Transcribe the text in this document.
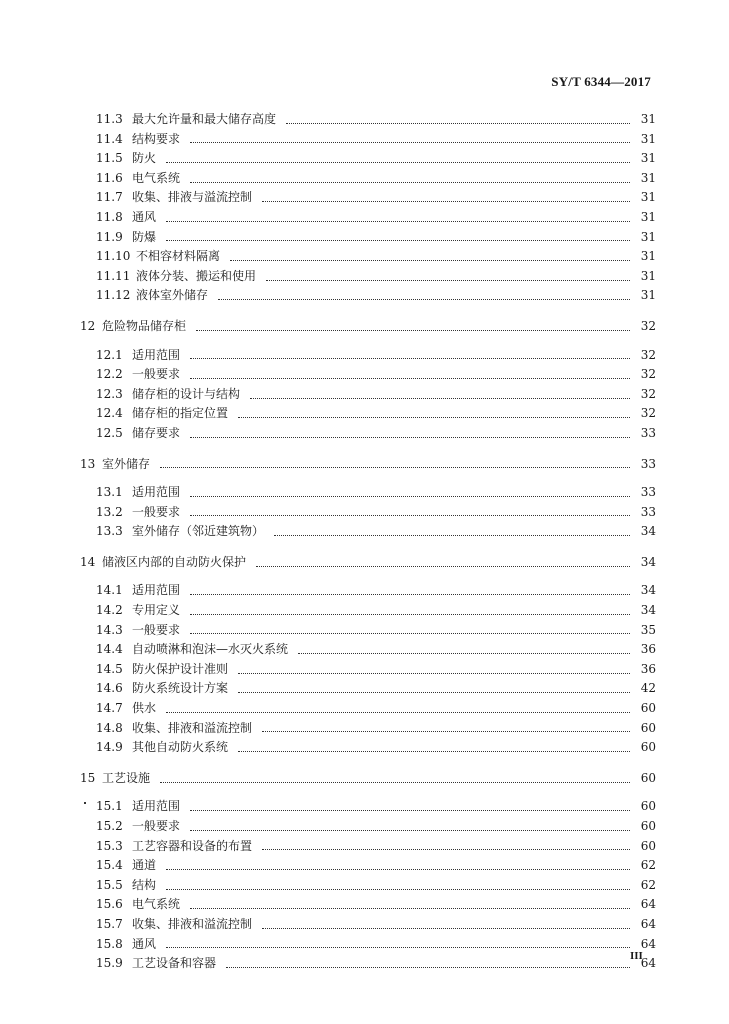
SY/T 6344—2017
11.3 最大允许量和最大储存高度	31
11.4 结构要求	31
11.5 防火	31
11.6 电气系统	31
11.7 收集、排液与溢流控制	31
11.8 通风	31
11.9 防爆	31
11.10 不相容材料隔离	31
11.11 液体分装、搬运和使用	31
11.12 液体室外储存	31
12 危险物品储存柜	32
12.1 适用范围	32
12.2 一般要求	32
12.3 储存柜的设计与结构	32
12.4 储存柜的指定位置	32
12.5 储存要求	33
13 室外储存	33
13.1 适用范围	33
13.2 一般要求	33
13.3 室外储存（邻近建筑物）	34
14 储液区内部的自动防火保护	34
14.1 适用范围	34
14.2 专用定义	34
14.3 一般要求	35
14.4 自动喷淋和泡沫—水灭火系统	36
14.5 防火保护设计准则	36
14.6 防火系统设计方案	42
14.7 供水	60
14.8 收集、排液和溢流控制	60
14.9 其他自动防火系统	60
15 工艺设施	60
15.1 适用范围	60
15.2 一般要求	60
15.3 工艺容器和设备的布置	60
15.4 通道	62
15.5 结构	62
15.6 电气系统	64
15.7 收集、排液和溢流控制	64
15.8 通风	64
15.9 工艺设备和容器	64
III
